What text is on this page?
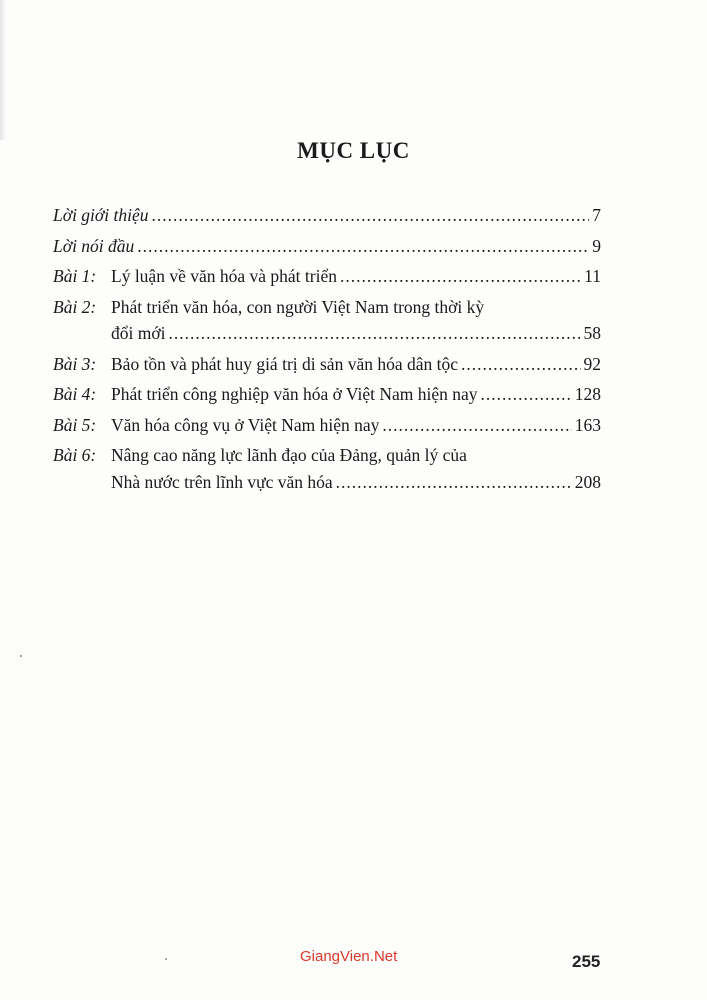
MỤC LỤC
Lời giới thiệu .....	7
Lời nói đầu .....	9
Bài 1: Lý luận về văn hóa và phát triển .....	11
Bài 2: Phát triển văn hóa, con người Việt Nam trong thời kỳ
đổi mới .....	58
Bài 3: Bảo tồn và phát huy giá trị di sản văn hóa dân tộc .....	92
Bài 4: Phát triển công nghiệp văn hóa ở Việt Nam hiện nay .....	128
Bài 5: Văn hóa công vụ ở Việt Nam hiện nay .....	163
Bài 6: Nâng cao năng lực lãnh đạo của Đảng, quản lý của
Nhà nước trên lĩnh vực văn hóa .....	208
GiangVien.Net	255
